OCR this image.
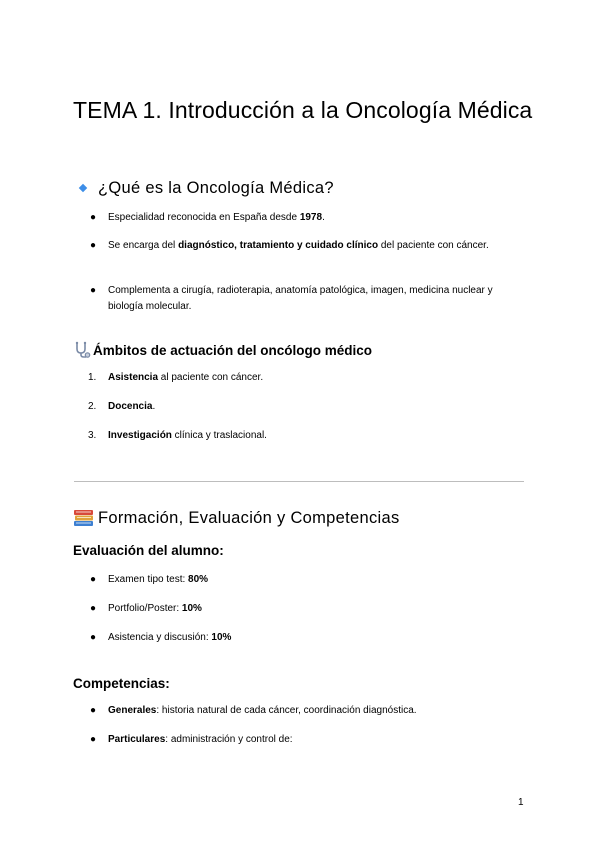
TEMA 1. Introducción a la Oncología Médica
¿Qué es la Oncología Médica?
● Especialidad reconocida en España desde 1978.
● Se encarga del diagnóstico, tratamiento y cuidado clínico del paciente con cáncer.
● Complementa a cirugía, radioterapia, anatomía patológica, imagen, medicina nuclear y biología molecular.
Ámbitos de actuación del oncólogo médico
1. Asistencia al paciente con cáncer.
2. Docencia.
3. Investigación clínica y traslacional.
Formación, Evaluación y Competencias
Evaluación del alumno:
● Examen tipo test: 80%
● Portfolio/Poster: 10%
● Asistencia y discusión: 10%
Competencias:
● Generales: historia natural de cada cáncer, coordinación diagnóstica.
● Particulares: administración y control de:
1
